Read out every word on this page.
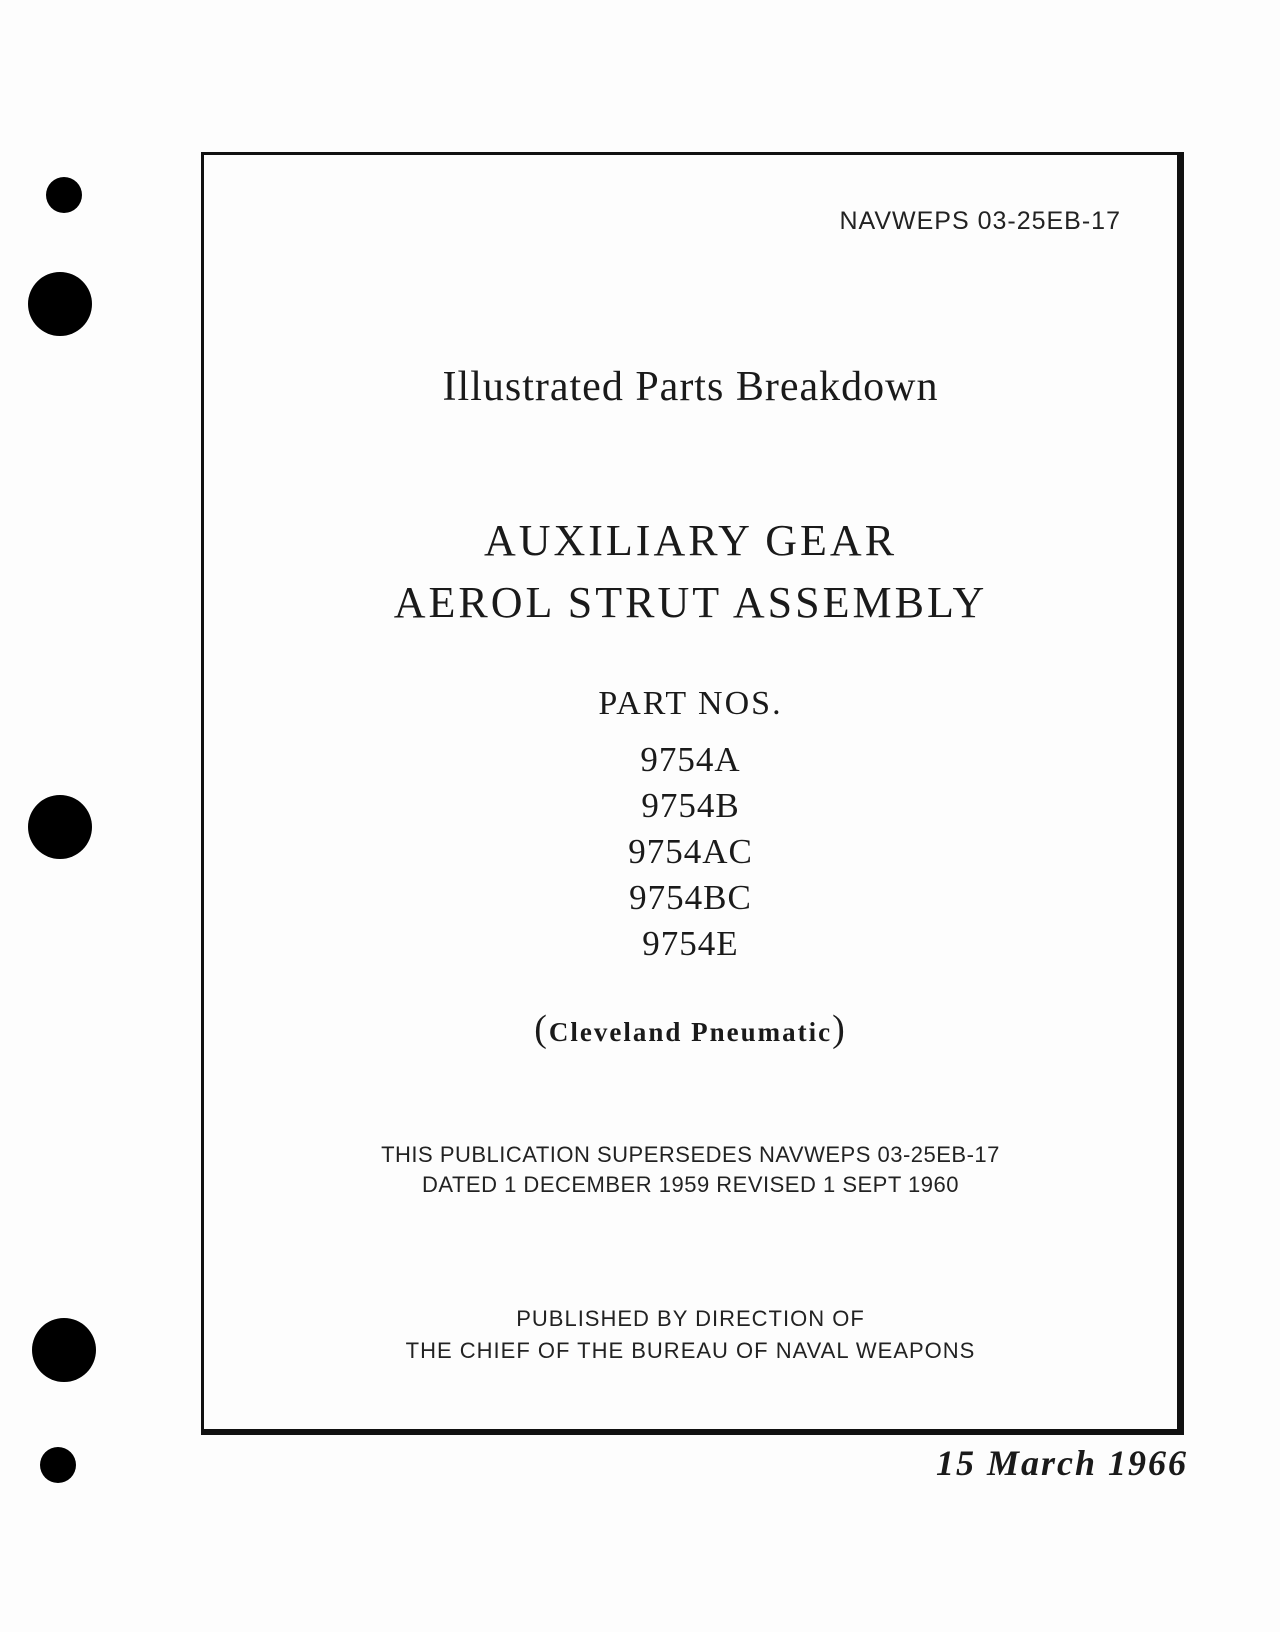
NAVWEPS 03-25EB-17
Illustrated Parts Breakdown
AUXILIARY GEAR
AEROL STRUT ASSEMBLY
PART NOS.
9754A
9754B
9754AC
9754BC
9754E
(Cleveland Pneumatic)
THIS PUBLICATION SUPERSEDES NAVWEPS 03-25EB-17
DATED 1 DECEMBER 1959 REVISED 1 SEPT 1960
PUBLISHED BY DIRECTION OF
THE CHIEF OF THE BUREAU OF NAVAL WEAPONS
15 March 1966
